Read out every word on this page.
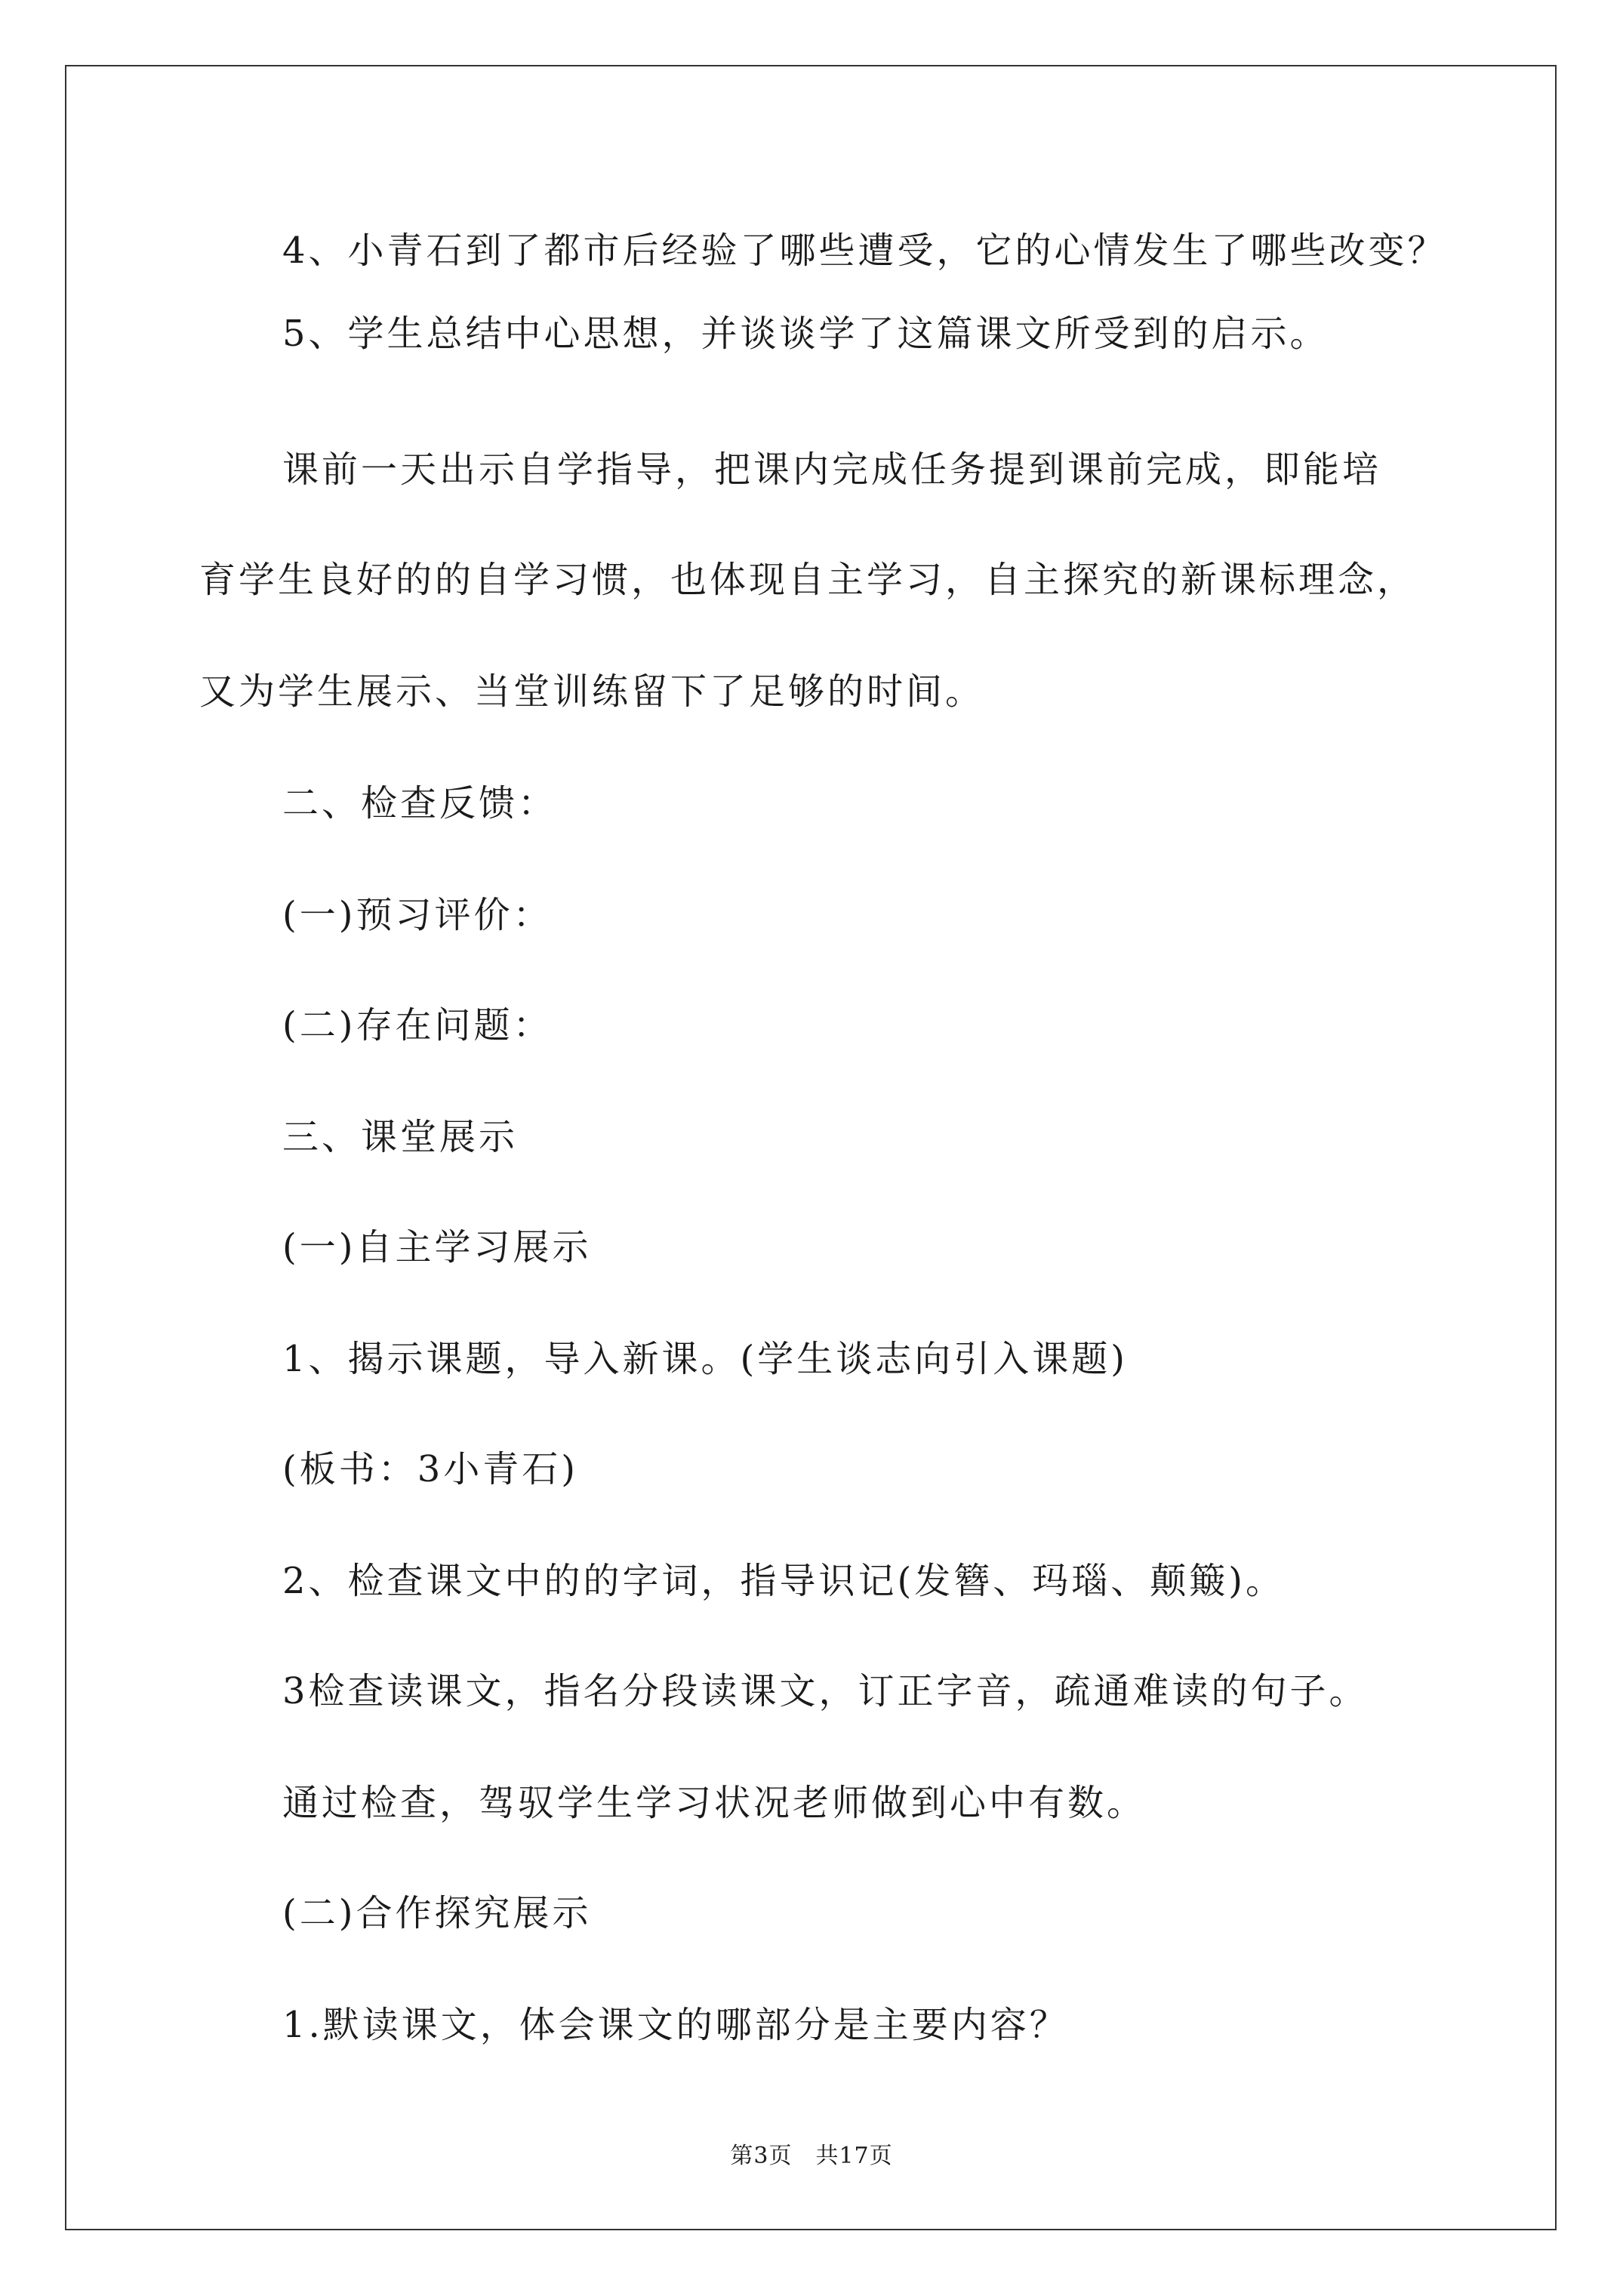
4、小青石到了都市后经验了哪些遭受，它的心情发生了哪些改变？
5、学生总结中心思想，并谈谈学了这篇课文所受到的启示。
课前一天出示自学指导，把课内完成任务提到课前完成，即能培
育学生良好的的自学习惯，也体现自主学习，自主探究的新课标理念，
又为学生展示、当堂训练留下了足够的时间。
二、检查反馈：
(一)预习评价：
(二)存在问题：
三、课堂展示
(一)自主学习展示
1、揭示课题，导入新课。(学生谈志向引入课题)
(板书：3小青石)
2、检查课文中的的字词，指导识记(发簪、玛瑙、颠簸)。
3检查读课文，指名分段读课文，订正字音，疏通难读的句子。
通过检查，驾驭学生学习状况老师做到心中有数。
(二)合作探究展示
1.默读课文，体会课文的哪部分是主要内容？
第3页　共17页
